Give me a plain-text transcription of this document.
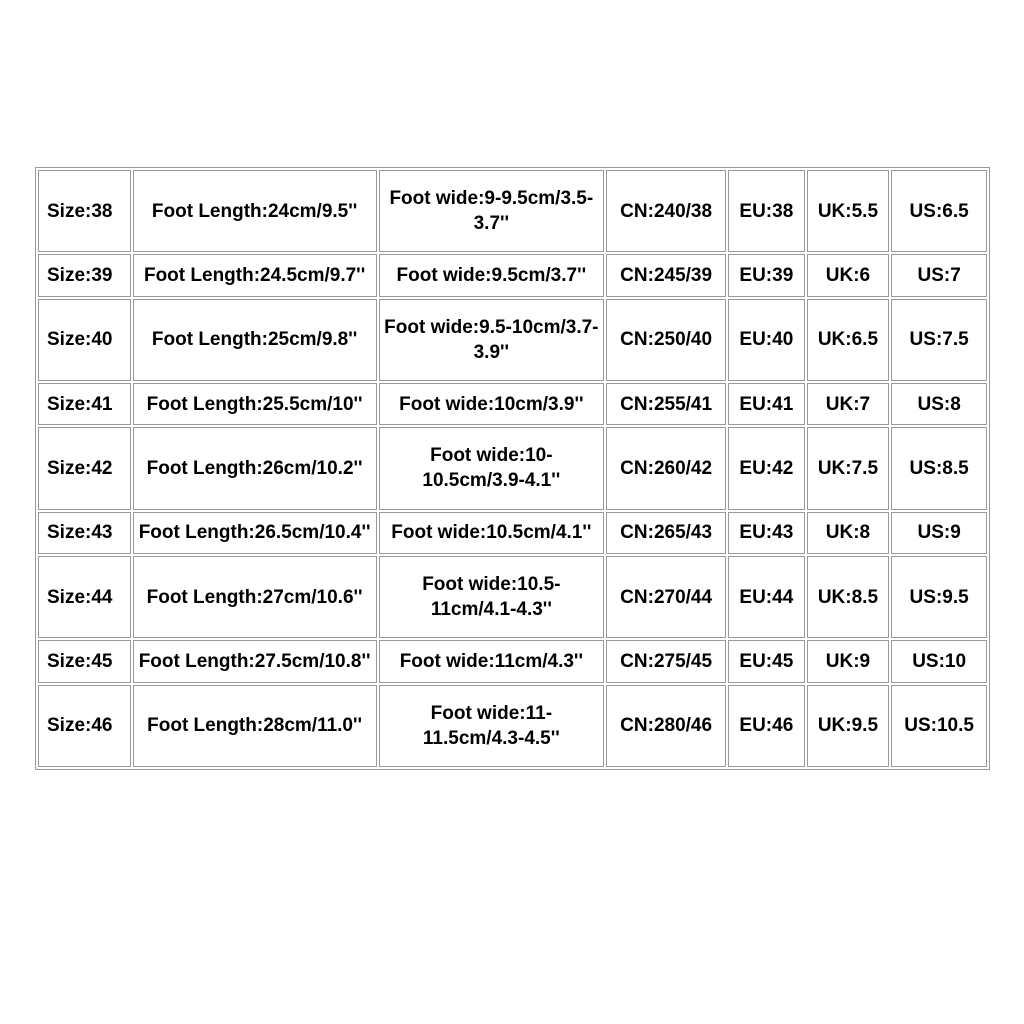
Size:38	Foot Length:24cm/9.5''	Foot wide:9-9.5cm/3.5-3.7''	CN:240/38	EU:38	UK:5.5	US:6.5
Size:39	Foot Length:24.5cm/9.7''	Foot wide:9.5cm/3.7''	CN:245/39	EU:39	UK:6	US:7
Size:40	Foot Length:25cm/9.8''	Foot wide:9.5-10cm/3.7-3.9''	CN:250/40	EU:40	UK:6.5	US:7.5
Size:41	Foot Length:25.5cm/10''	Foot wide:10cm/3.9''	CN:255/41	EU:41	UK:7	US:8
Size:42	Foot Length:26cm/10.2''	Foot wide:10-10.5cm/3.9-4.1''	CN:260/42	EU:42	UK:7.5	US:8.5
Size:43	Foot Length:26.5cm/10.4''	Foot wide:10.5cm/4.1''	CN:265/43	EU:43	UK:8	US:9
Size:44	Foot Length:27cm/10.6''	Foot wide:10.5-11cm/4.1-4.3''	CN:270/44	EU:44	UK:8.5	US:9.5
Size:45	Foot Length:27.5cm/10.8''	Foot wide:11cm/4.3''	CN:275/45	EU:45	UK:9	US:10
Size:46	Foot Length:28cm/11.0''	Foot wide:11-11.5cm/4.3-4.5''	CN:280/46	EU:46	UK:9.5	US:10.5
